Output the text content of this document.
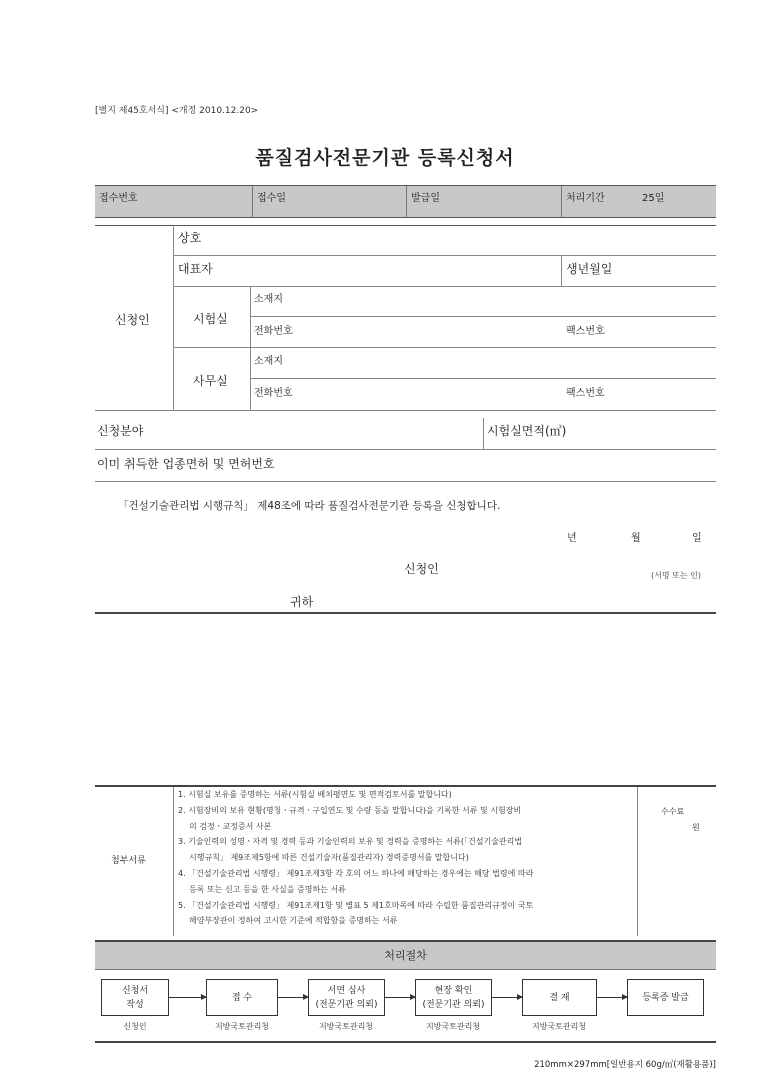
[별지 제45호서식] <개정 2010.12.20>
품질검사전문기관 등록신청서
접수번호	접수일	발급일	처리기간	25일
신청인
상호
대표자	생년월일
시험실
소재지
전화번호	팩스번호
사무실
소재지
전화번호	팩스번호
신청분야	시험실면적(㎡)
이미 취득한 업종면허 및 면허번호
「건설기술관리법 시행규칙」 제48조에 따라 품질검사전문기관 등록을 신청합니다.
년	월	일
신청인	(서명 또는 인)
귀하
첨부서류
1. 시험실 보유를 증명하는 서류(시험실 배치평면도 및 면적검토서를 말합니다)
2. 시험장비의 보유 현황(명칭ㆍ규격ㆍ구입연도 및 수량 등을 말합니다)을 기록한 서류 및 시험장비
의 검정ㆍ교정증서 사본
3. 기술인력의 성명ㆍ자격 및 경력 등과 기술인력의 보유 및 경력을 증명하는 서류(「건설기술관리법
시행규칙」 제9조제5항에 따른 건설기술자(품질관리자) 경력증명서를 말합니다)
4. 「건설기술관리법 시행령」 제91조제3항 각 호의 어느 하나에 해당하는 경우에는 해당 법령에 따라
등록 또는 신고 등을 한 사실을 증명하는 서류
5. 「건설기술관리법 시행령」 제91조제1항 및 별표 5 제1호마목에 따라 수립한 품질관리규정이 국토
해양부장관이 정하여 고시한 기준에 적합함을 증명하는 서류
수수료
원
처리절차
신청서
작성
접 수
서면 심사
(전문기관 의뢰)
현장 확인
(전문기관 의뢰)
결 재	등록증 발급
신청인	지방국토관리청	지방국토관리청	지방국토관리청	지방국토관리청
210mm×297mm[일반용지 60g/㎡(재활용품)]
